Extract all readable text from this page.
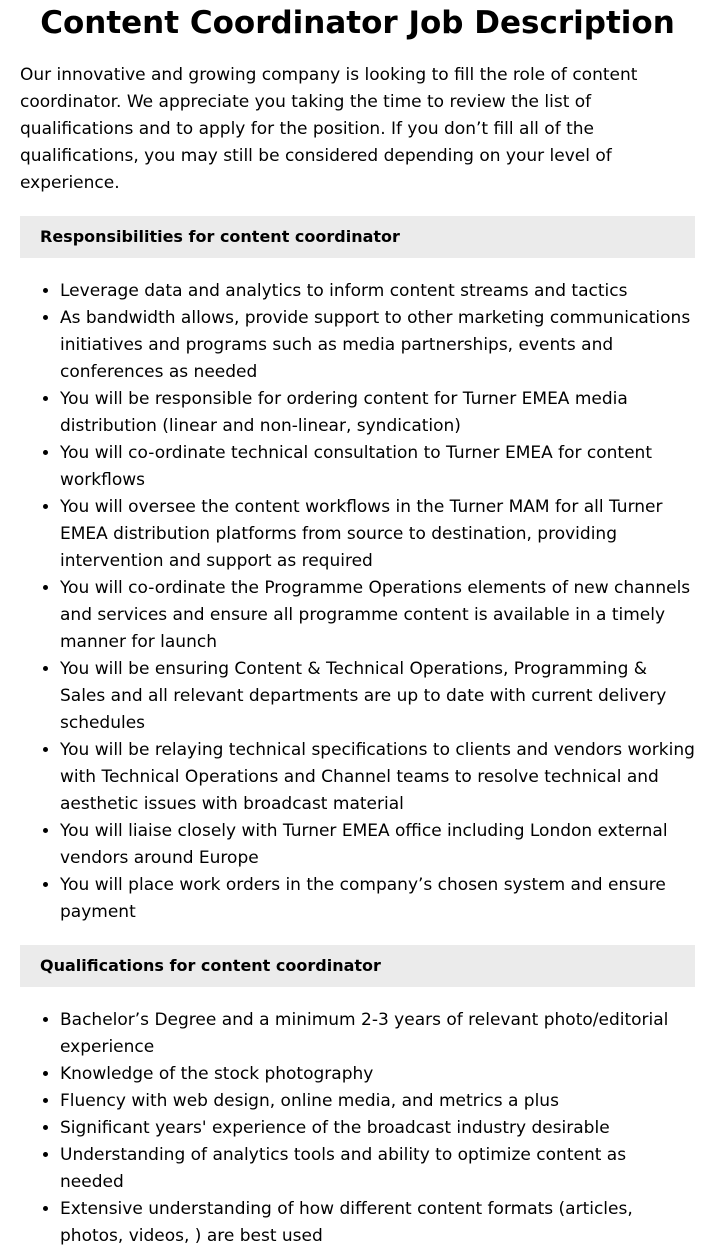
Content Coordinator Job Description

Our innovative and growing company is looking to fill the role of content coordinator. We appreciate you taking the time to review the list of qualifications and to apply for the position. If you don’t fill all of the qualifications, you may still be considered depending on your level of experience.

Responsibilities for content coordinator
• Leverage data and analytics to inform content streams and tactics
• As bandwidth allows, provide support to other marketing communications initiatives and programs such as media partnerships, events and conferences as needed
• You will be responsible for ordering content for Turner EMEA media distribution (linear and non-linear, syndication)
• You will co-ordinate technical consultation to Turner EMEA for content workflows
• You will oversee the content workflows in the Turner MAM for all Turner EMEA distribution platforms from source to destination, providing intervention and support as required
• You will co-ordinate the Programme Operations elements of new channels and services and ensure all programme content is available in a timely manner for launch
• You will be ensuring Content & Technical Operations, Programming & Sales and all relevant departments are up to date with current delivery schedules
• You will be relaying technical specifications to clients and vendors working with Technical Operations and Channel teams to resolve technical and aesthetic issues with broadcast material
• You will liaise closely with Turner EMEA office including London external vendors around Europe
• You will place work orders in the company’s chosen system and ensure payment
Qualifications for content coordinator
• Bachelor’s Degree and a minimum 2-3 years of relevant photo/editorial experience
• Knowledge of the stock photography
• Fluency with web design, online media, and metrics a plus
• Significant years' experience of the broadcast industry desirable
• Understanding of analytics tools and ability to optimize content as needed
• Extensive understanding of how different content formats (articles, photos, videos, ) are best used
